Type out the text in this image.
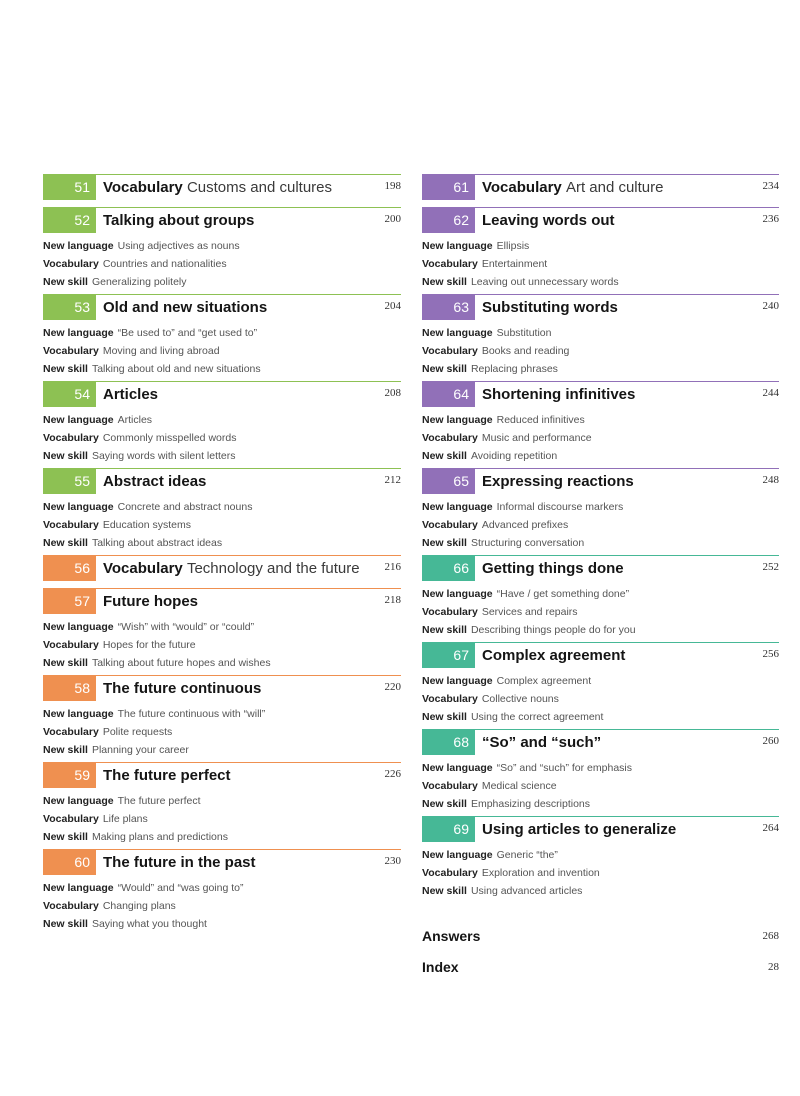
51 Vocabulary Customs and cultures	198
52 Talking about groups	200
New language Using adjectives as nouns
Vocabulary Countries and nationalities
New skill Generalizing politely
53 Old and new situations	204
New language “Be used to” and “get used to”
Vocabulary Moving and living abroad
New skill Talking about old and new situations
54 Articles	208
New language Articles
Vocabulary Commonly misspelled words
New skill Saying words with silent letters
55 Abstract ideas	212
New language Concrete and abstract nouns
Vocabulary Education systems
New skill Talking about abstract ideas
56 Vocabulary Technology and the future 216
57 Future hopes	218
New language “Wish” with “would” or “could”
Vocabulary Hopes for the future
New skill Talking about future hopes and wishes
58 The future continuous	220
New language The future continuous with “will”
Vocabulary Polite requests
New skill Planning your career
59 The future perfect	226
New language The future perfect
Vocabulary Life plans
New skill Making plans and predictions
60 The future in the past	230
New language “Would” and “was going to”
Vocabulary Changing plans
New skill Saying what you thought
61 Vocabulary Art and culture	234
62 Leaving words out	236
New language Ellipsis
Vocabulary Entertainment
New skill Leaving out unnecessary words
63 Substituting words	240
New language Substitution
Vocabulary Books and reading
New skill Replacing phrases
64 Shortening infinitives	244
New language Reduced infinitives
Vocabulary Music and performance
New skill Avoiding repetition
65 Expressing reactions	248
New language Informal discourse markers
Vocabulary Advanced prefixes
New skill Structuring conversation
66 Getting things done	252
New language “Have / get something done”
Vocabulary Services and repairs
New skill Describing things people do for you
67 Complex agreement	256
New language Complex agreement
Vocabulary Collective nouns
New skill Using the correct agreement
68 “So” and “such”	260
New language “So” and “such” for emphasis
Vocabulary Medical science
New skill Emphasizing descriptions
69 Using articles to generalize	264
New language Generic “the”
Vocabulary Exploration and invention
New skill Using advanced articles
Answers	268
Index	28
